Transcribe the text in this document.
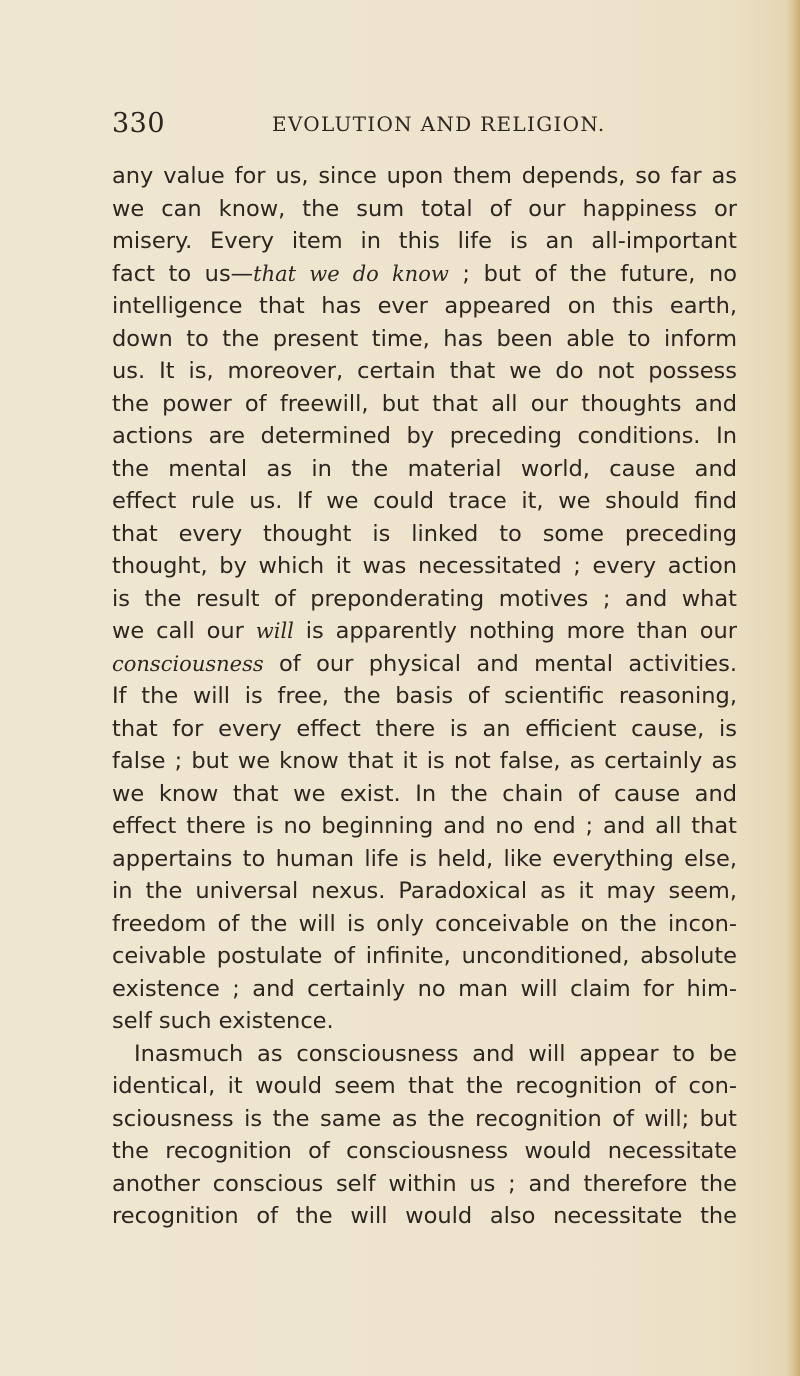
330	EVOLUTION AND RELIGION.
any value for us, since upon them depends, so far as
we can know, the sum total of our happiness or
misery. Every item in this life is an all-important
fact to us—that we do know ; but of the future, no
intelligence that has ever appeared on this earth,
down to the present time, has been able to inform
us. It is, moreover, certain that we do not possess
the power of freewill, but that all our thoughts and
actions are determined by preceding conditions. In
the mental as in the material world, cause and
effect rule us. If we could trace it, we should find
that every thought is linked to some preceding
thought, by which it was necessitated ; every action
is the result of preponderating motives ; and what
we call our will is apparently nothing more than our
consciousness of our physical and mental activities.
If the will is free, the basis of scientific reasoning,
that for every effect there is an efficient cause, is
false ; but we know that it is not false, as certainly as
we know that we exist. In the chain of cause and
effect there is no beginning and no end ; and all that
appertains to human life is held, like everything else,
in the universal nexus. Paradoxical as it may seem,
freedom of the will is only conceivable on the incon-
ceivable postulate of infinite, unconditioned, absolute
existence ; and certainly no man will claim for him-
self such existence.
Inasmuch as consciousness and will appear to be
identical, it would seem that the recognition of con-
sciousness is the same as the recognition of will; but
the recognition of consciousness would necessitate
another conscious self within us ; and therefore the
recognition of the will would also necessitate the
